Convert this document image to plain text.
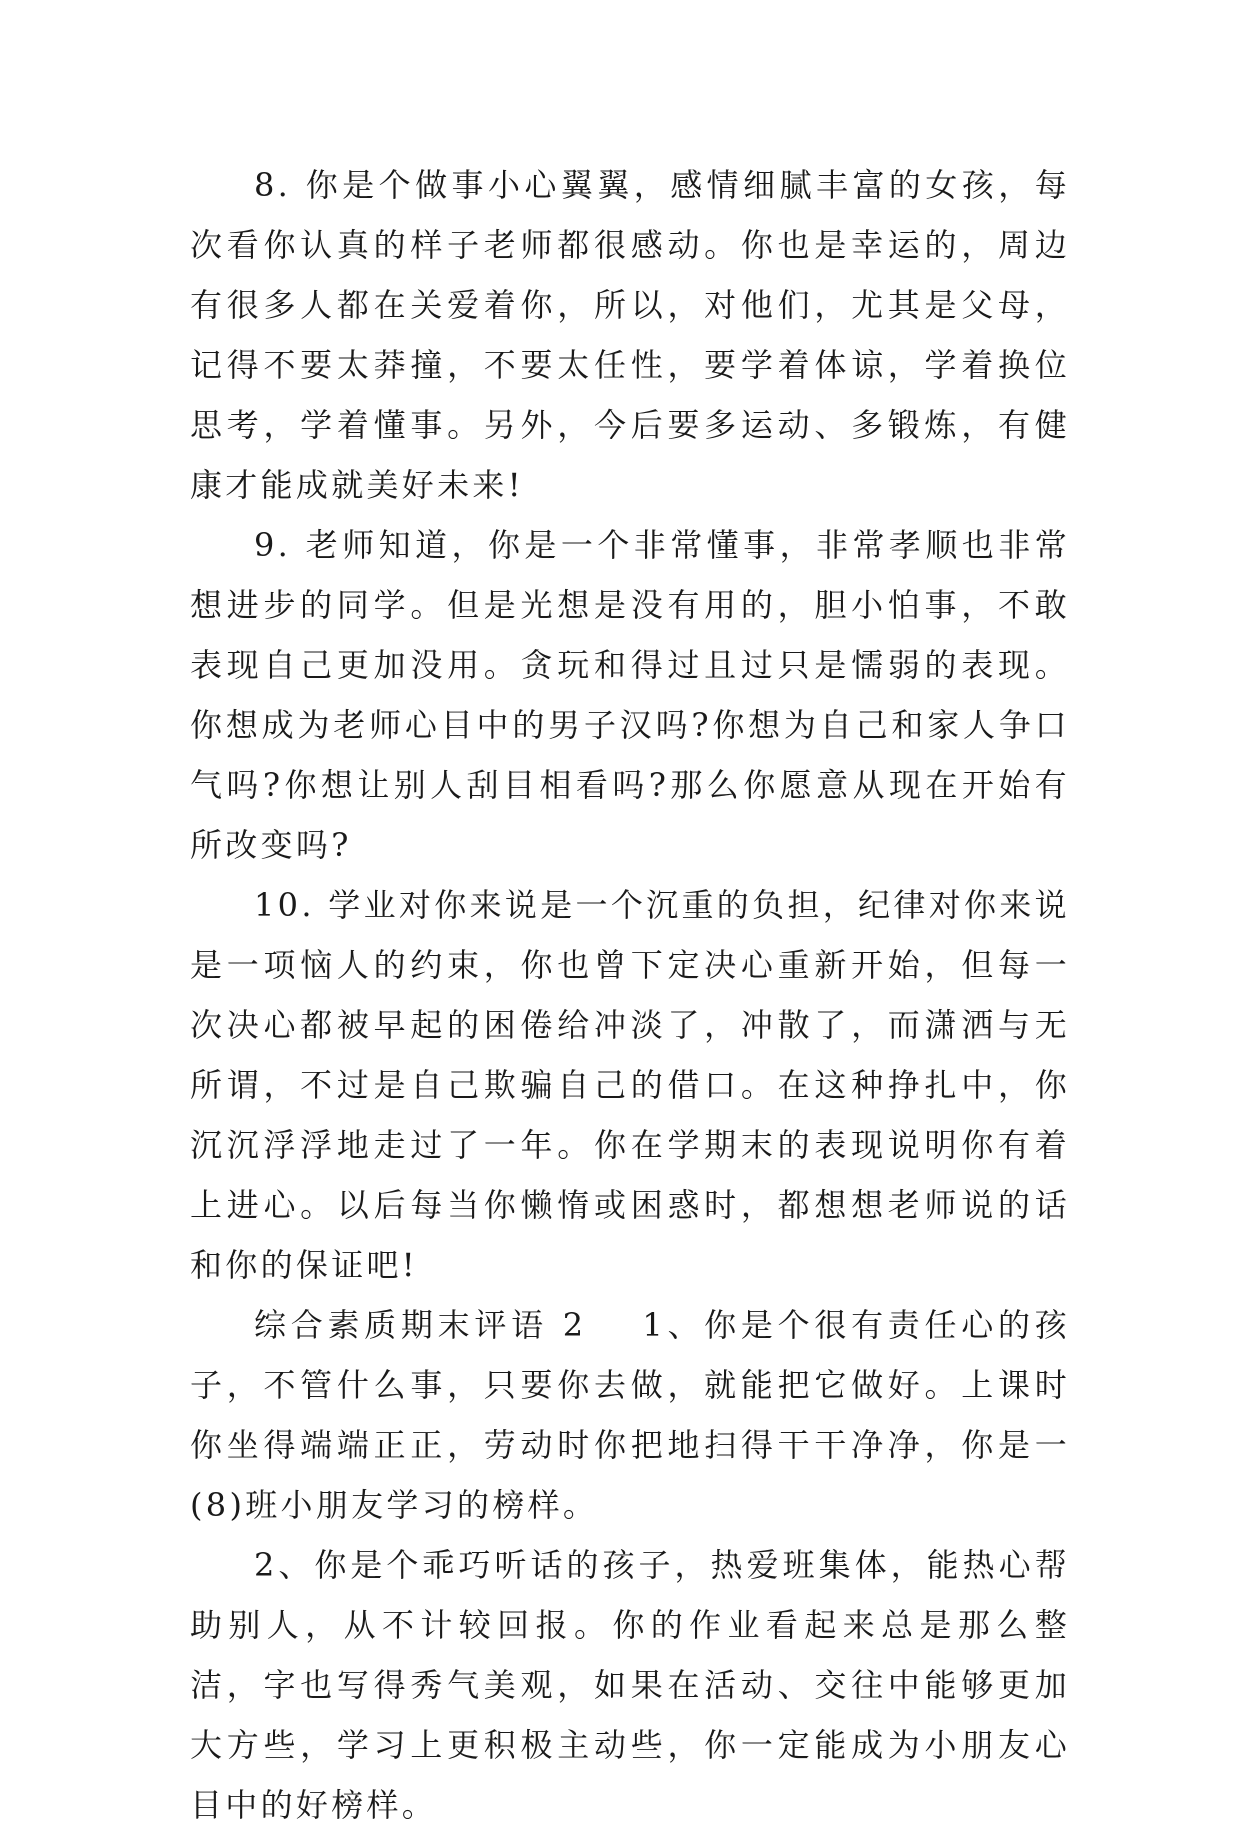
8. 你是个做事小心翼翼，感情细腻丰富的女孩，每次看你认真的样子老师都很感动。你也是幸运的，周边有很多人都在关爱着你，所以，对他们，尤其是父母，记得不要太莽撞，不要太任性，要学着体谅，学着换位思考，学着懂事。另外，今后要多运动、多锻炼，有健康才能成就美好未来!

9. 老师知道，你是一个非常懂事，非常孝顺也非常想进步的同学。但是光想是没有用的，胆小怕事，不敢表现自己更加没用。贪玩和得过且过只是懦弱的表现。你想成为老师心目中的男子汉吗?你想为自己和家人争口气吗?你想让别人刮目相看吗?那么你愿意从现在开始有所改变吗?

10. 学业对你来说是一个沉重的负担，纪律对你来说是一项恼人的约束，你也曾下定决心重新开始，但每一次决心都被早起的困倦给冲淡了，冲散了，而潇洒与无所谓，不过是自己欺骗自己的借口。在这种挣扎中，你沉沉浮浮地走过了一年。你在学期末的表现说明你有着上进心。以后每当你懒惰或困惑时，都想想老师说的话和你的保证吧!

综合素质期末评语 2 1、你是个很有责任心的孩子，不管什么事，只要你去做，就能把它做好。上课时你坐得端端正正，劳动时你把地扫得干干净净，你是一(8)班小朋友学习的榜样。

2、你是个乖巧听话的孩子，热爱班集体，能热心帮助别人，从不计较回报。你的作业看起来总是那么整洁，字也写得秀气美观，如果在活动、交往中能够更加大方些，学习上更积极主动些，你一定能成为小朋友心目中的好榜样。
